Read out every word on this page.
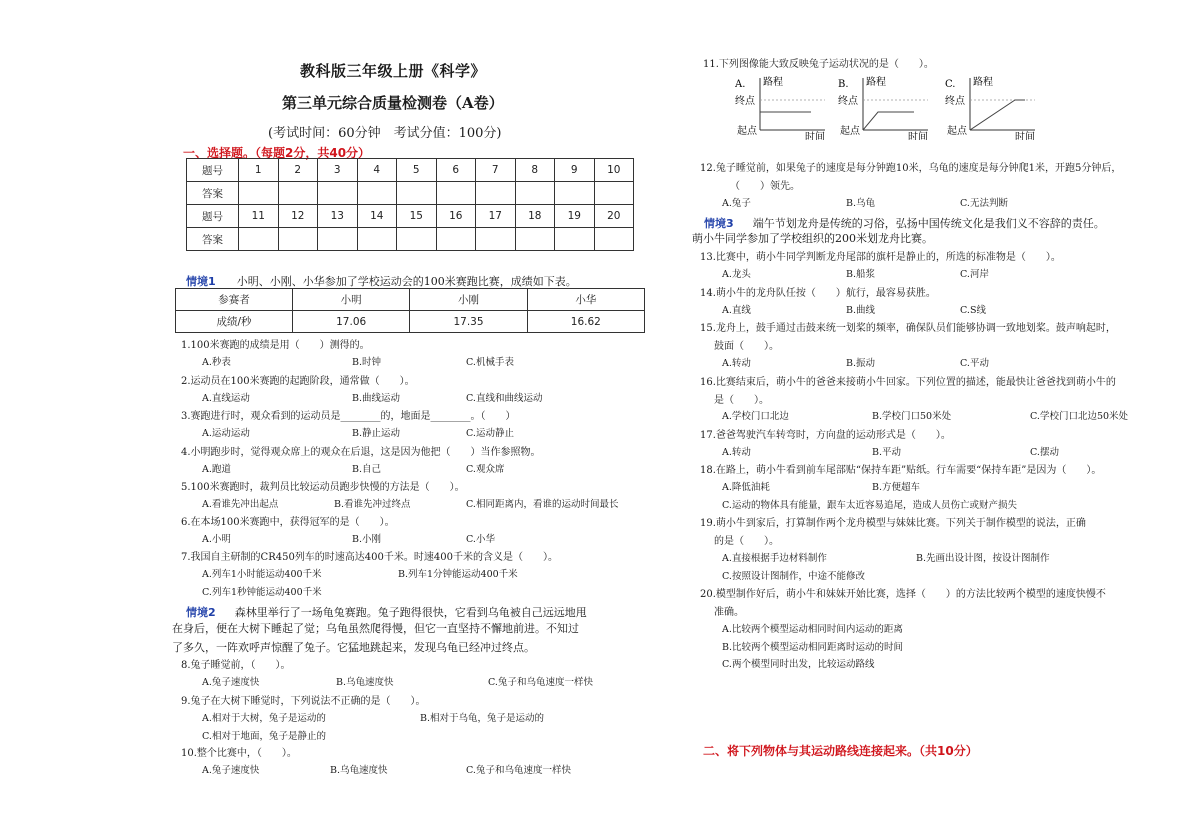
教科版三年级上册《科学》
第三单元综合质量检测卷（A卷）
(考试时间：60分钟　考试分值：100分)
一、选择题。（每题2分，共40分）
题号	1	2	3	4	5	6	7	8	9	10
答案										
题号	11	12	13	14	15	16	17	18	19	20
答案										
情境1 小明、小刚、小华参加了学校运动会的100米赛跑比赛，成绩如下表。
参赛者	小明	小刚	小华
成绩/秒	17.06	17.35	16.62
1.100米赛跑的成绩是用（　　）测得的。
A.秒表	B.时钟	C.机械手表
2.运动员在100米赛跑的起跑阶段，通常做（　　）。
A.直线运动	B.曲线运动	C.直线和曲线运动
3.赛跑进行时，观众看到的运动员是________的，地面是________。（　　）
A.运动运动	B.静止运动	C.运动静止
4.小明跑步时，觉得观众席上的观众在后退，这是因为他把（　　）当作参照物。
A.跑道	B.自己	C.观众席
5.100米赛跑时，裁判员比较运动员跑步快慢的方法是（　　）。
A.看谁先冲出起点	B.看谁先冲过终点	C.相同距离内，看谁的运动时间最长
6.在本场100米赛跑中，获得冠军的是（　　）。
A.小明	B.小刚	C.小华
7.我国自主研制的CR450列车的时速高达400千米。时速400千米的含义是（　　）。
A.列车1小时能运动400千米	B.列车1分钟能运动400千米
C.列车1秒钟能运动400千米
情境2 森林里举行了一场龟兔赛跑。兔子跑得很快，它看到乌龟被自己远远地甩
在身后，便在大树下睡起了觉；乌龟虽然爬得慢，但它一直坚持不懈地前进。不知过
了多久，一阵欢呼声惊醒了兔子。它猛地跳起来，发现乌龟已经冲过终点。
8.兔子睡觉前，（　　）。
A.兔子速度快	B.乌龟速度快	C.兔子和乌龟速度一样快
9.兔子在大树下睡觉时，下列说法不正确的是（　　）。
A.相对于大树，兔子是运动的	B.相对于乌龟，兔子是运动的
C.相对于地面，兔子是静止的
10.整个比赛中，（　　）。
A.兔子速度快	B.乌龟速度快	C.兔子和乌龟速度一样快
11.下列图像能大致反映兔子运动状况的是（　　）。
A. 路程
终点
起点
时间
B. 路程
终点
起点
时间
C. 路程
终点
起点
时间
12.兔子睡觉前，如果兔子的速度是每分钟跑10米，乌龟的速度是每分钟爬1米，开跑5分钟后，
（　　）领先。
A.兔子	B.乌龟	C.无法判断
情境3 端午节划龙舟是传统的习俗，弘扬中国传统文化是我们义不容辞的责任。
萌小牛同学参加了学校组织的200米划龙舟比赛。
13.比赛中，萌小牛同学判断龙舟尾部的旗杆是静止的，所选的标准物是（　　）。
A.龙头	B.船浆	C.河岸
14.萌小牛的龙舟队任按（　　）航行，最容易获胜。
A.直线	B.曲线	C.S线
15.龙舟上，鼓手通过击鼓来统一划桨的频率，确保队员们能够协调一致地划桨。鼓声响起时，
鼓面（　　）。
A.转动	B.振动	C.平动
16.比赛结束后，萌小牛的爸爸来接萌小牛回家。下列位置的描述，能最快让爸爸找到萌小牛的
是（　　）。
A.学校门口北边	B.学校门口50米处	C.学校门口北边50米处
17.爸爸驾驶汽车转弯时，方向盘的运动形式是（　　）。
A.转动	B.平动	C.摆动
18.在路上，萌小牛看到前车尾部贴“保持车距”贴纸。行车需要“保持车距”是因为（　　）。
A.降低油耗	B.方便超车
C.运动的物体具有能量，跟车太近容易追尾，造成人员伤亡或财产损失
19.萌小牛到家后，打算制作两个龙舟模型与妹妹比赛。下列关于制作模型的说法，正确
的是（　　）。
A.直接根据手边材料制作	B.先画出设计图，按设计图制作
C.按照设计图制作，中途不能修改
20.模型制作好后，萌小牛和妹妹开始比赛，选择（　　）的方法比较两个模型的速度快慢不
准确。
A.比较两个模型运动相同时间内运动的距离
B.比较两个模型运动相同距离时运动的时间
C.两个模型同时出发，比较运动路线
二、将下列物体与其运动路线连接起来。（共10分）
